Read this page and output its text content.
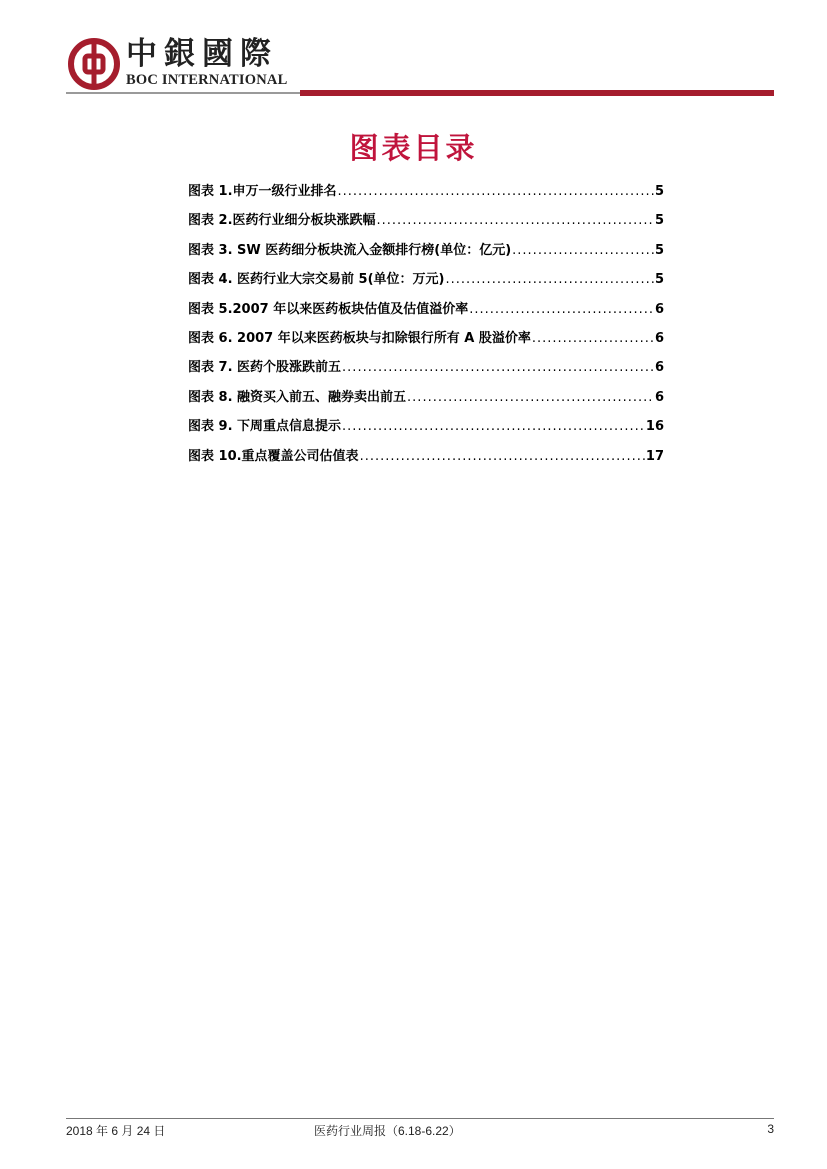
中銀國際
BOC INTERNATIONAL
图表目录
图表 1.申万一级行业排名 .....	5
图表 2.医药行业细分板块涨跌幅 .....	5
图表 3. SW 医药细分板块流入金额排行榜(单位：亿元) .....	5
图表 4. 医药行业大宗交易前 5(单位：万元) .....	5
图表 5.2007 年以来医药板块估值及估值溢价率 .....	6
图表 6. 2007 年以来医药板块与扣除银行所有 A 股溢价率 .....	6
图表 7. 医药个股涨跌前五 .....	6
图表 8. 融资买入前五、融券卖出前五 .....	6
图表 9. 下周重点信息提示 .....	16
图表 10.重点覆盖公司估值表 .....	17
2018 年 6 月 24 日	医药行业周报（6.18-6.22）	3
